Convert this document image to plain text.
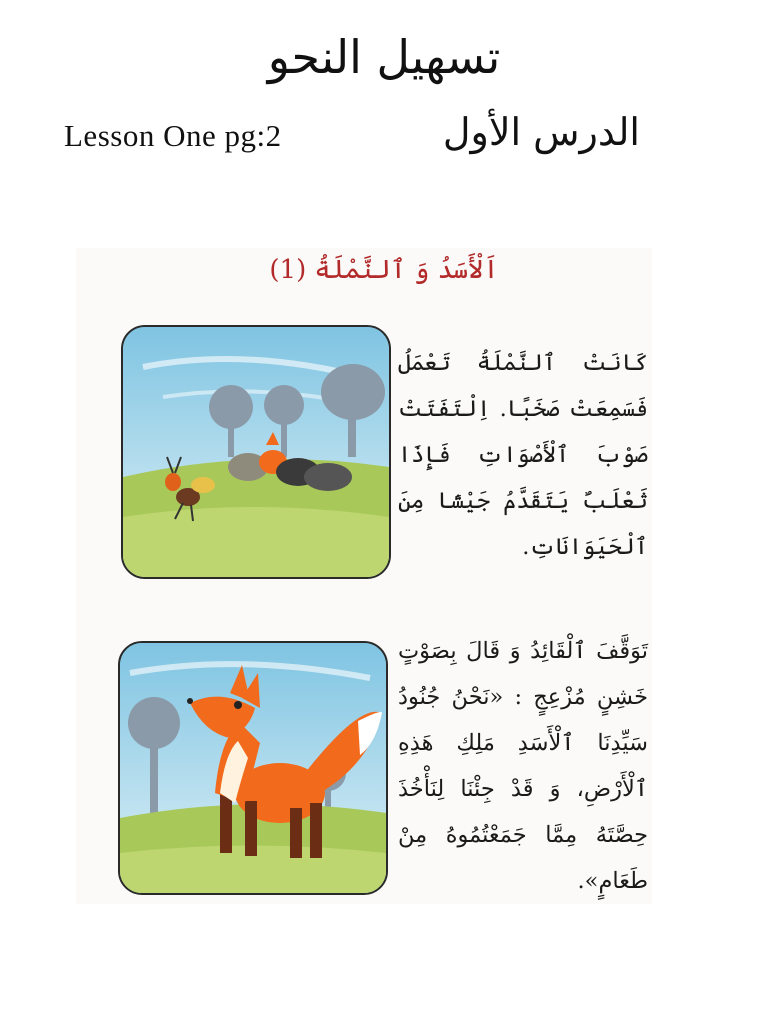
تسهيل النحو
Lesson One pg:2	الدرس الأول
اَلْأَسَدُ وَ ٱلنَّمْلَةُ (1)
كَانَتْ ٱلنَّمْلَةُ تَعْمَلُ فَسَمِعَتْ صَخَبًا. اِلْتَفَتَتْ صَوْبَ ٱلْأَصْوَاتِ فَإِذَا ثَعْلَبٌ يَتَقَدَّمُ جَيْشًا مِنَ ٱلْحَيَوَانَاتِ.
تَوَقَّفَ ٱلْقَائِدُ وَ قَالَ بِصَوْتٍ خَشِنٍ مُزْعِجٍ : «نَحْنُ جُنُودُ سَيِّدِنَا ٱلْأَسَدِ مَلِكِ هَذِهِ ٱلْأَرْضِ، وَ قَدْ جِئْنَا لِنَأْخُذَ حِصَّتَهُ مِمَّا جَمَعْتُمُوهُ مِنْ طَعَامٍ».
